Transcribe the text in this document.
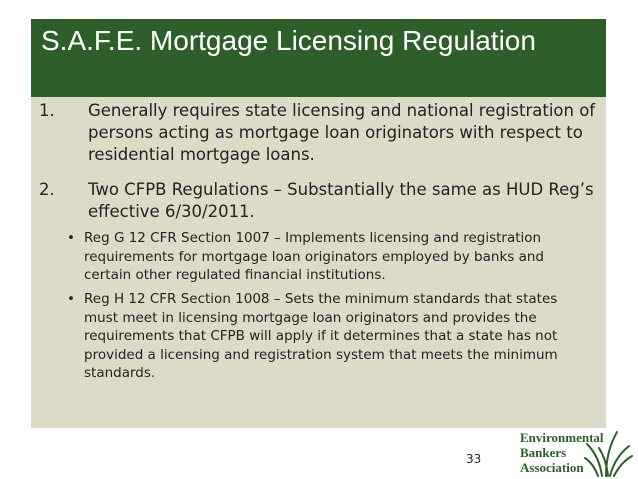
S.A.F.E. Mortgage Licensing Regulation
1. Generally requires state licensing and national registration of persons acting as mortgage loan originators with respect to residential mortgage loans.
2. Two CFPB Regulations – Substantially the same as HUD Reg’s effective 6/30/2011.
• Reg G 12 CFR Section 1007 – Implements licensing and registration requirements for mortgage loan originators employed by banks and certain other regulated financial institutions.
• Reg H 12 CFR Section 1008 – Sets the minimum standards that states must meet in licensing mortgage loan originators and provides the requirements that CFPB will apply if it determines that a state has not provided a licensing and registration system that meets the minimum standards.
33
Environmental
Bankers
Association
